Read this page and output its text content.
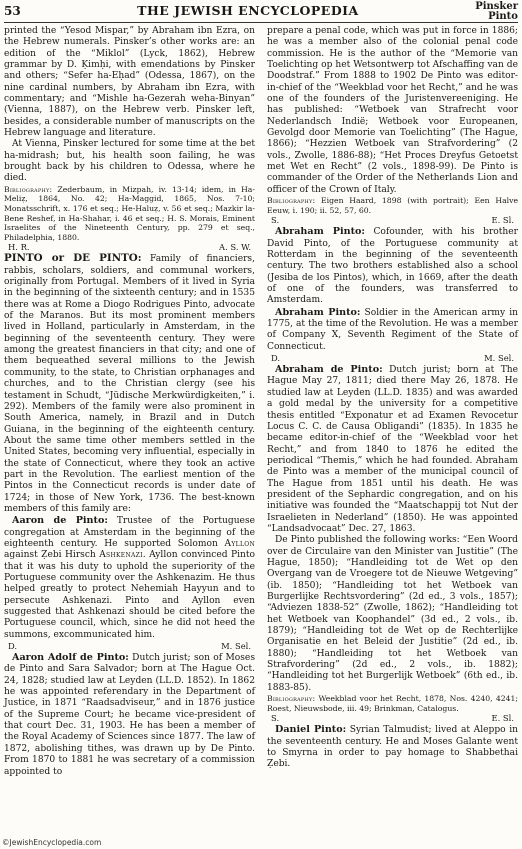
53	THE JEWISH ENCYCLOPEDIA	Pinsker
Pinto

printed the “Yesod Mispar,” by Abraham ibn Ezra, on the Hebrew numerals. Pinsker’s other works are: an edition of the “Miklol” (Lyck, 1862), Hebrew grammar by D. Ḳimḥi, with emendations by Pinsker and others; “Sefer ha-Eḥad” (Odessa, 1867), on the nine cardinal numbers, by Abraham ibn Ezra, with commentary; and “Mishle ha-Gezerah weha-Binyan” (Vienna, 1887), on the Hebrew verb. Pinsker left, besides, a considerable number of manuscripts on the Hebrew language and literature.

At Vienna, Pinsker lectured for some time at the bet ha-midrash; but, his health soon failing, he was brought back by his children to Odessa, where he died.

Bibliography: Zederbaum, in Mizpah, iv. 13-14; idem, in Ha-Meliẓ, 1864, No. 42; Ha-Maggid, 1865, Nos. 7-10; Monatsschrift, x. 176 et seq.; He-Haluẓ, v. 56 et seq.; Mazkir la-Bene Reshef, in Ha-Shahar, i. 46 et seq.; H. S. Morais, Eminent Israelites of the Nineteenth Century, pp. 279 et seq., Philadelphia, 1880.

H. R.	A. S. W.

PINTO or DE PINTO: Family of financiers, rabbis, scholars, soldiers, and communal workers, originally from Portugal. Members of it lived in Syria in the beginning of the sixteenth century; and in 1535 there was at Rome a Diogo Rodrigues Pinto, advocate of the Maranos. But its most prominent members lived in Holland, particularly in Amsterdam, in the beginning of the seventeenth century. They were among the greatest financiers in that city; and one of them bequeathed several millions to the Jewish community, to the state, to Christian orphanages and churches, and to the Christian clergy (see his testament in Schudt, “Jüdische Merkwürdigkeiten,” i. 292). Members of the family were also prominent in South America, namely, in Brazil and in Dutch Guiana, in the beginning of the eighteenth century. About the same time other members settled in the United States, becoming very influential, especially in the state of Connecticut, where they took an active part in the Revolution. The earliest mention of the Pintos in the Connecticut records is under date of 1724; in those of New York, 1736. The best-known members of this family are:

Aaron de Pinto: Trustee of the Portuguese congregation at Amsterdam in the beginning of the eighteenth century. He supported Solomon Ayllon against Ẓebi Hirsch Ashkenazi. Ayllon convinced Pinto that it was his duty to uphold the superiority of the Portuguese community over the Ashkenazim. He thus helped greatly to protect Nehemiah Hayyun and to persecute Ashkenazi. Pinto and Ayllon even suggested that Ashkenazi should be cited before the Portuguese council, which, since he did not heed the summons, excommunicated him.

D.	M. Sel.

Aaron Adolf de Pinto: Dutch jurist; son of Moses de Pinto and Sara Salvador; born at The Hague Oct. 24, 1828; studied law at Leyden (LL.D. 1852). In 1862 he was appointed referendary in the Department of Justice, in 1871 “Raadsadviseur,” and in 1876 justice of the Supreme Court; he became vice-president of that court Dec. 31, 1903. He has been a member of the Royal Academy of Sciences since 1877. The law of 1872, abolishing tithes, was drawn up by De Pinto. From 1870 to 1881 he was secretary of a commission appointed to

prepare a penal code, which was put in force in 1886; he was a member also of the colonial penal code commission. He is the author of the “Memorie van Toelichting op het Wetsontwerp tot Afschaffing van de Doodstraf.” From 1888 to 1902 De Pinto was editor-in-chief of the “Weekblad voor het Recht,” and he was one of the founders of the Juristenvereeniging. He has published: “Wetboek van Strafrecht voor Nederlandsch Indië; Wetboek voor Europeanen, Gevolgd door Memorie van Toelichting” (The Hague, 1866); “Hezzien Wetboek van Strafvordering” (2 vols., Zwolle, 1886-88); “Het Proces Dreyfus Getoetst met Wet en Recht” (2 vols., 1898-99). De Pinto is commander of the Order of the Netherlands Lion and officer of the Crown of Italy.

Bibliography: Eigen Haard, 1898 (with portrait); Een Halve Eeuw, i. 190; ii. 52, 57, 60.

S.	E. Sl.

Abraham Pinto: Cofounder, with his brother David Pinto, of the Portuguese community at Rotterdam in the beginning of the seventeenth century. The two brothers established also a school (Jesiba de los Pintos), which, in 1669, after the death of one of the founders, was transferred to Amsterdam.

Abraham Pinto: Soldier in the American army in 1775, at the time of the Revolution. He was a member of Company X, Seventh Regiment of the State of Connecticut.

D.	M. Sel.

Abraham de Pinto: Dutch jurist; born at The Hague May 27, 1811; died there May 26, 1878. He studied law at Leyden (LL.D. 1835) and was awarded a gold medal by the university for a competitive thesis entitled “Exponatur et ad Examen Revocetur Locus C. C. de Causa Obligandi” (1835). In 1835 he became editor-in-chief of the “Weekblad voor het Recht,” and from 1840 to 1876 he edited the periodical “Themis,” which he had founded. Abraham de Pinto was a member of the municipal council of The Hague from 1851 until his death. He was president of the Sephardic congregation, and on his initiative was founded the “Maatschappij tot Nut der Israelieten in Nederland” (1850). He was appointed “Landsadvocaat” Dec. 27, 1863.

De Pinto published the following works: “Een Woord over de Circulaire van den Minister van Justitie” (The Hague, 1850); “Handleiding tot de Wet op den Overgang van de Vroegere tot de Nieuwe Wetgeving” (ib. 1850); “Handleiding tot het Wetboek van Burgerlijke Rechtsvordering” (2d ed., 3 vols., 1857); “Adviezen 1838-52” (Zwolle, 1862); “Handleiding tot het Wetboek van Koophandel” (3d ed., 2 vols., ib. 1879); “Handleiding tot de Wet op de Rechterlijke Organisatie en het Beleid der Justitie” (2d ed., ib. 1880); “Handleiding tot het Wetboek van Strafvordering” (2d ed., 2 vols., ib. 1882); “Handleiding tot het Burgerlijk Wetboek” (6th ed., ib. 1883-85).

Bibliography: Weekblad voor het Recht, 1878, Nos. 4240, 4241; Roest, Nieuwsbode, iii. 49; Brinkman, Catalogus.

S.	E. Sl.

Daniel Pinto: Syrian Talmudist; lived at Aleppo in the seventeenth century. He and Moses Galante went to Smyrna in order to pay homage to Shabbethai Ẓebi.

©JewishEncyclopedia.com
